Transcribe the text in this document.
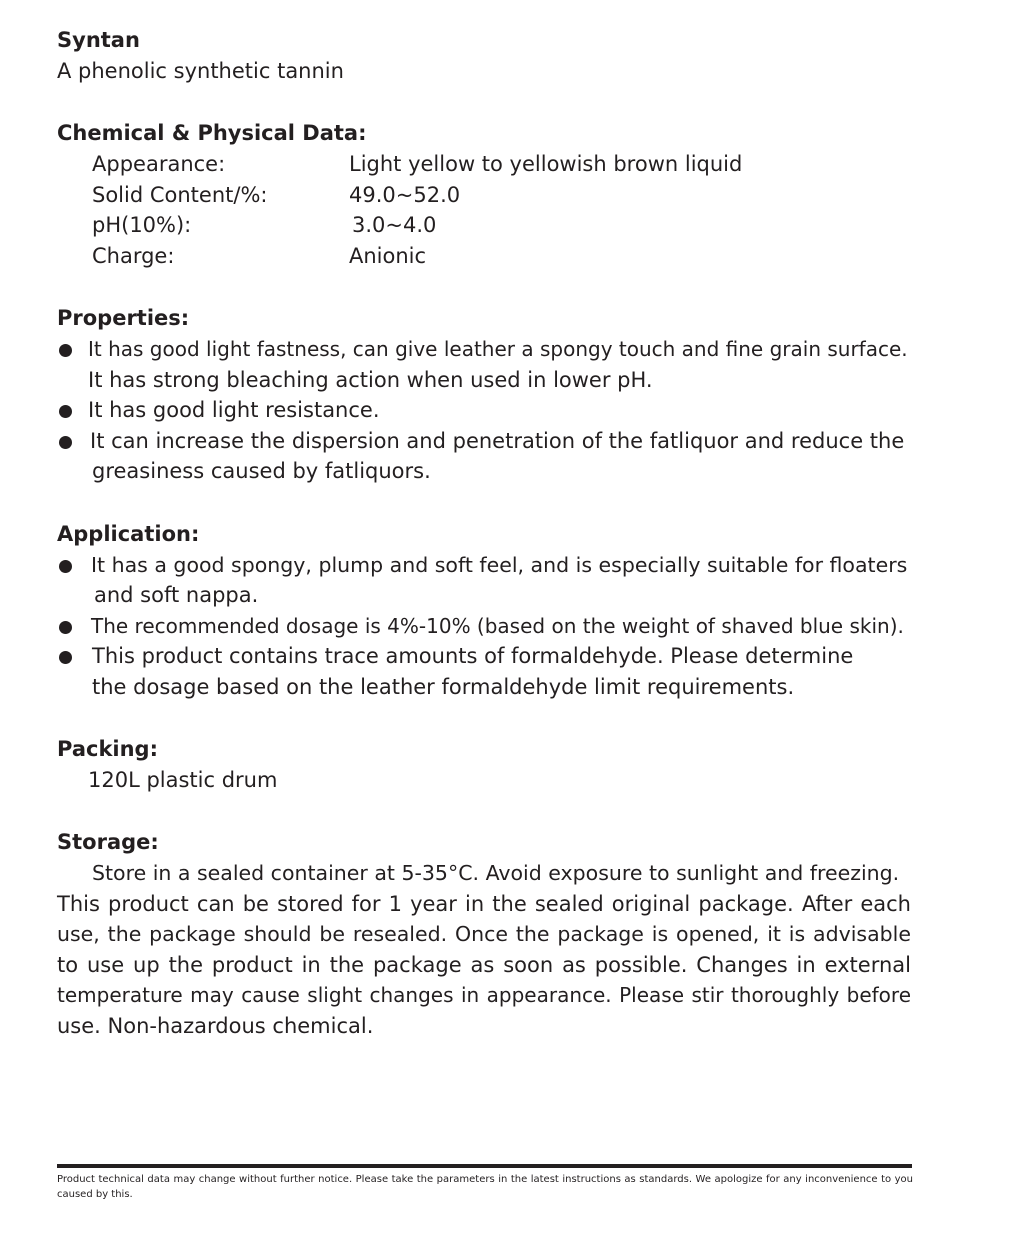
Syntan
A phenolic synthetic tannin
Chemical & Physical Data:
Appearance:	Light yellow to yellowish brown liquid
Solid Content/%:	49.0~52.0
pH(10%):	3.0~4.0
Charge:	Anionic
Properties:
It has good light fastness, can give leather a spongy touch and fine grain surface.
It has strong bleaching action when used in lower pH.
It has good light resistance.
It can increase the dispersion and penetration of the fatliquor and reduce the
greasiness caused by fatliquors.
Application:
It has a good spongy, plump and soft feel, and is especially suitable for floaters
and soft nappa.
The recommended dosage is 4%-10% (based on the weight of shaved blue skin).
This product contains trace amounts of formaldehyde. Please determine
the dosage based on the leather formaldehyde limit requirements.
Packing:
120L plastic drum
Storage:
Store in a sealed container at 5-35°C. Avoid exposure to sunlight and freezing.
This product can be stored for 1 year in the sealed original package. After each
use, the package should be resealed. Once the package is opened, it is advisable
to use up the product in the package as soon as possible. Changes in external
temperature may cause slight changes in appearance. Please stir thoroughly before
use. Non-hazardous chemical.
Product technical data may change without further notice. Please take the parameters in the latest instructions as standards. We apologize for any inconvenience to you caused by this.
